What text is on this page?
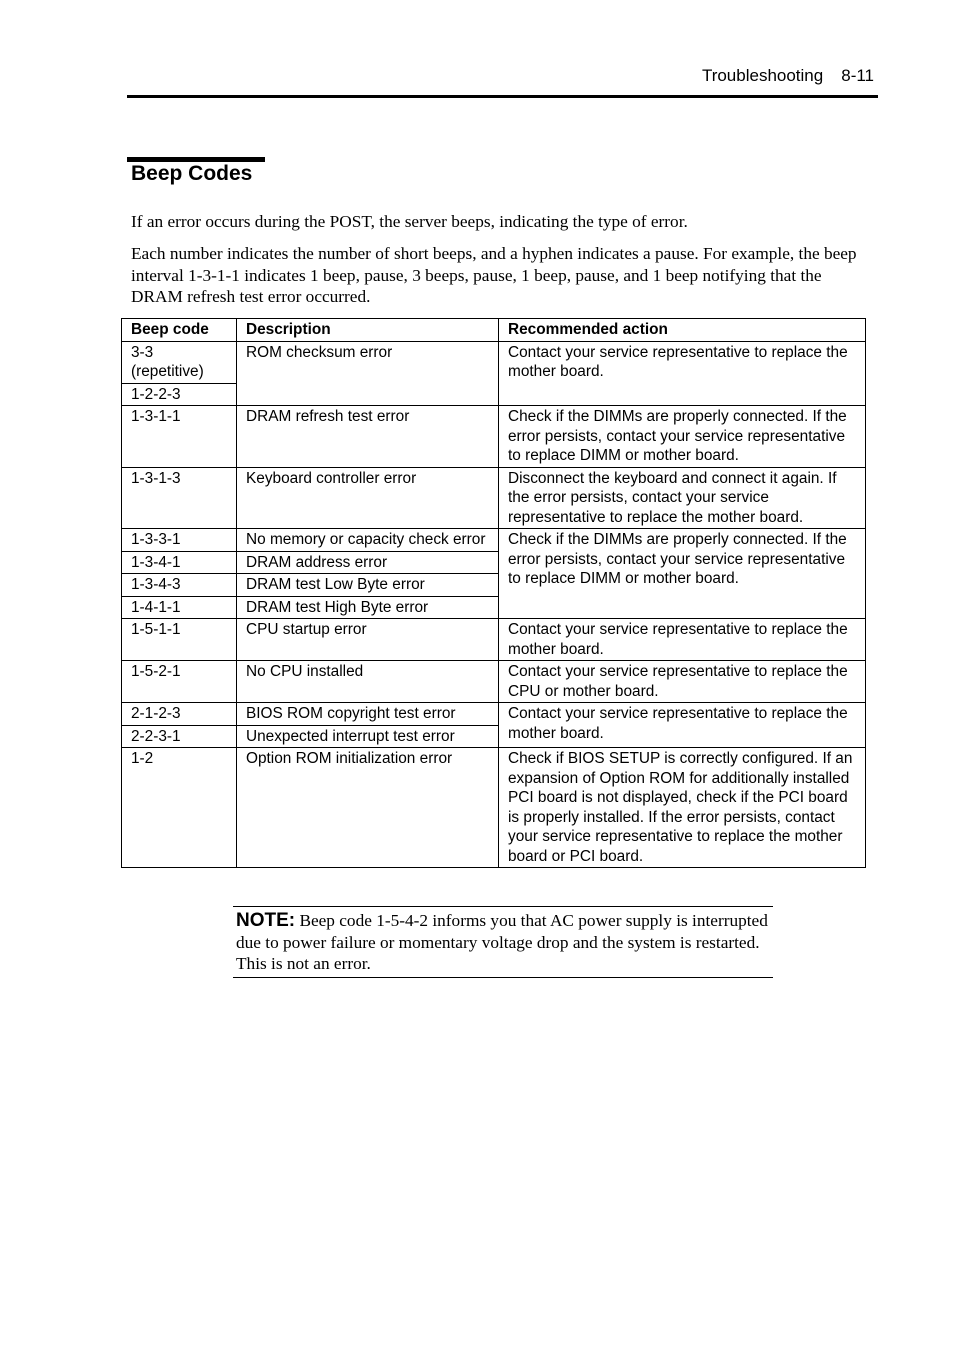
Troubleshooting 8-11
Beep Codes

If an error occurs during the POST, the server beeps, indicating the type of error.

Each number indicates the number of short beeps, and a hyphen indicates a pause. For example, the beep interval 1-3-1-1 indicates 1 beep, pause, 3 beeps, pause, 1 beep, pause, and 1 beep notifying that the DRAM refresh test error occurred.

Beep code	Description	Recommended action
3-3 (repetitive)	ROM checksum error	Contact your service representative to replace the mother board.
1-2-2-3		
1-3-1-1	DRAM refresh test error	Check if the DIMMs are properly connected. If the error persists, contact your service representative to replace DIMM or mother board.
1-3-1-3	Keyboard controller error	Disconnect the keyboard and connect it again. If the error persists, contact your service representative to replace the mother board.
1-3-3-1	No memory or capacity check error	Check if the DIMMs are properly connected. If the error persists, contact your service representative to replace DIMM or mother board.
1-3-4-1	DRAM address error	
1-3-4-3	DRAM test Low Byte error	
1-4-1-1	DRAM test High Byte error	
1-5-1-1	CPU startup error	Contact your service representative to replace the mother board.
1-5-2-1	No CPU installed	Contact your service representative to replace the CPU or mother board.
2-1-2-3	BIOS ROM copyright test error	Contact your service representative to replace the mother board.
2-2-3-1	Unexpected interrupt test error	
1-2	Option ROM initialization error	Check if BIOS SETUP is correctly configured. If an expansion of Option ROM for additionally installed PCI board is not displayed, check if the PCI board is properly installed. If the error persists, contact your service representative to replace the mother board or PCI board.
NOTE: Beep code 1-5-4-2 informs you that AC power supply is interrupted due to power failure or momentary voltage drop and the system is restarted. This is not an error.
